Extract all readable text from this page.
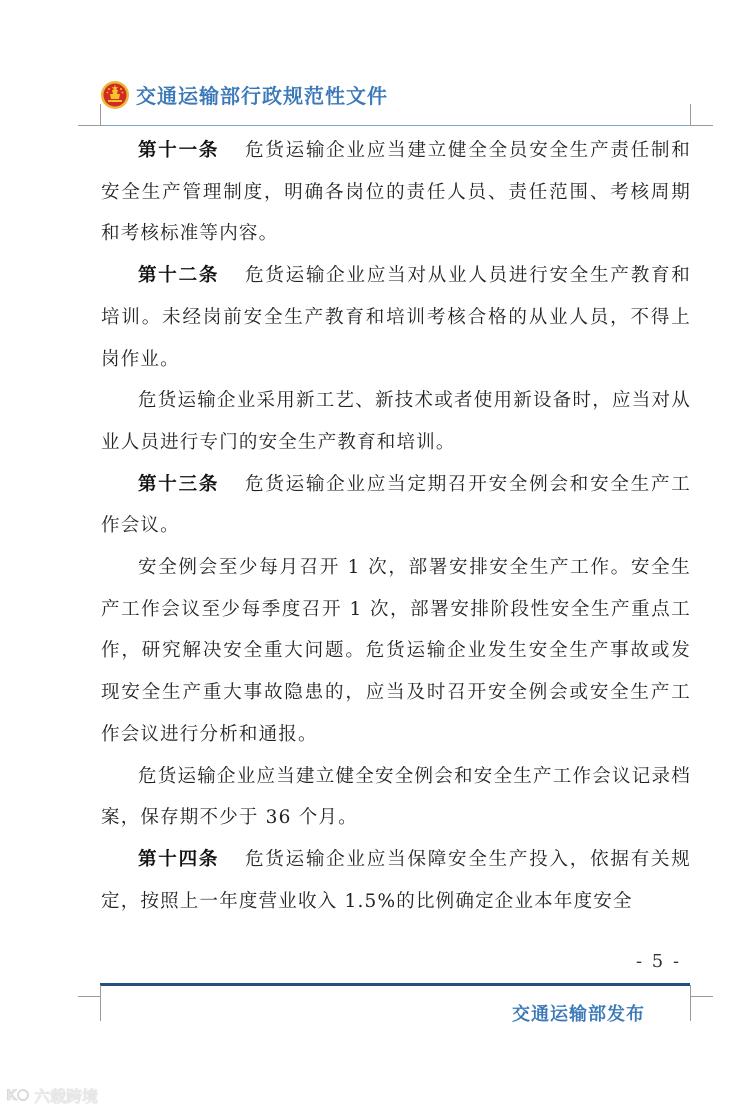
交通运输部行政规范性文件

第十一条 危货运输企业应当建立健全全员安全生产责任制和安全生产管理制度，明确各岗位的责任人员、责任范围、考核周期和考核标准等内容。

第十二条 危货运输企业应当对从业人员进行安全生产教育和培训。未经岗前安全生产教育和培训考核合格的从业人员，不得上岗作业。

危货运输企业采用新工艺、新技术或者使用新设备时，应当对从业人员进行专门的安全生产教育和培训。

第十三条 危货运输企业应当定期召开安全例会和安全生产工作会议。

安全例会至少每月召开 1 次，部署安排安全生产工作。安全生产工作会议至少每季度召开 1 次，部署安排阶段性安全生产重点工作，研究解决安全重大问题。危货运输企业发生安全生产事故或发现安全生产重大事故隐患的，应当及时召开安全例会或安全生产工作会议进行分析和通报。

危货运输企业应当建立健全安全例会和安全生产工作会议记录档案，保存期不少于 36 个月。

第十四条 危货运输企业应当保障安全生产投入，依据有关规定，按照上一年度营业收入 1.5%的比例确定企业本年度安全

- 5 -
交通运输部发布
K 六载跨境
